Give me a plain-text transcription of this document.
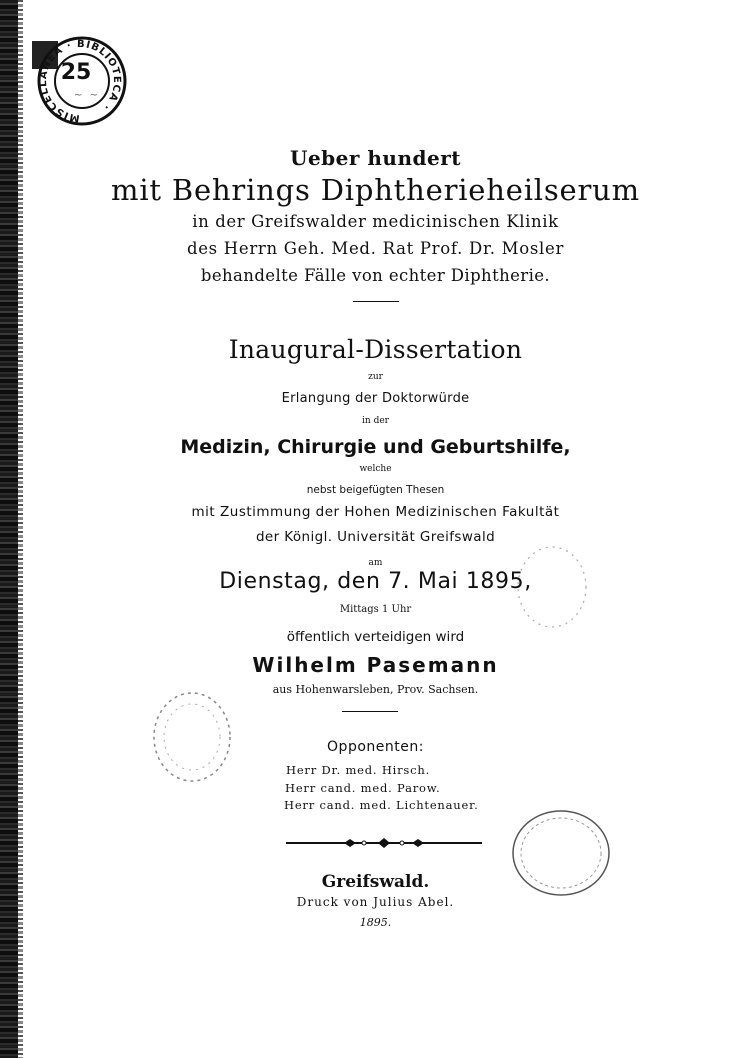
MISCELLANEA · BIBLIOTECA ·
25
~ ~
Ueber hundert
mit Behrings Diphtherieheilserum
in der Greifswalder medicinischen Klinik
des Herrn Geh. Med. Rat Prof. Dr. Mosler
behandelte Fälle von echter Diphtherie.
Inaugural-Dissertation
zur
Erlangung der Doktorwürde
in der
Medizin, Chirurgie und Geburtshilfe,
welche
nebst beigefügten Thesen
mit Zustimmung der Hohen Medizinischen Fakultät
der Königl. Universität Greifswald
am
Dienstag, den 7. Mai 1895,
Mittags 1 Uhr
öffentlich verteidigen wird
Wilhelm Pasemann
aus Hohenwarsleben, Prov. Sachsen.
Opponenten:
Herr Dr. med. Hirsch.
Herr cand. med. Parow.
Herr cand. med. Lichtenauer.
Greifswald.
Druck von Julius Abel.
1895.
